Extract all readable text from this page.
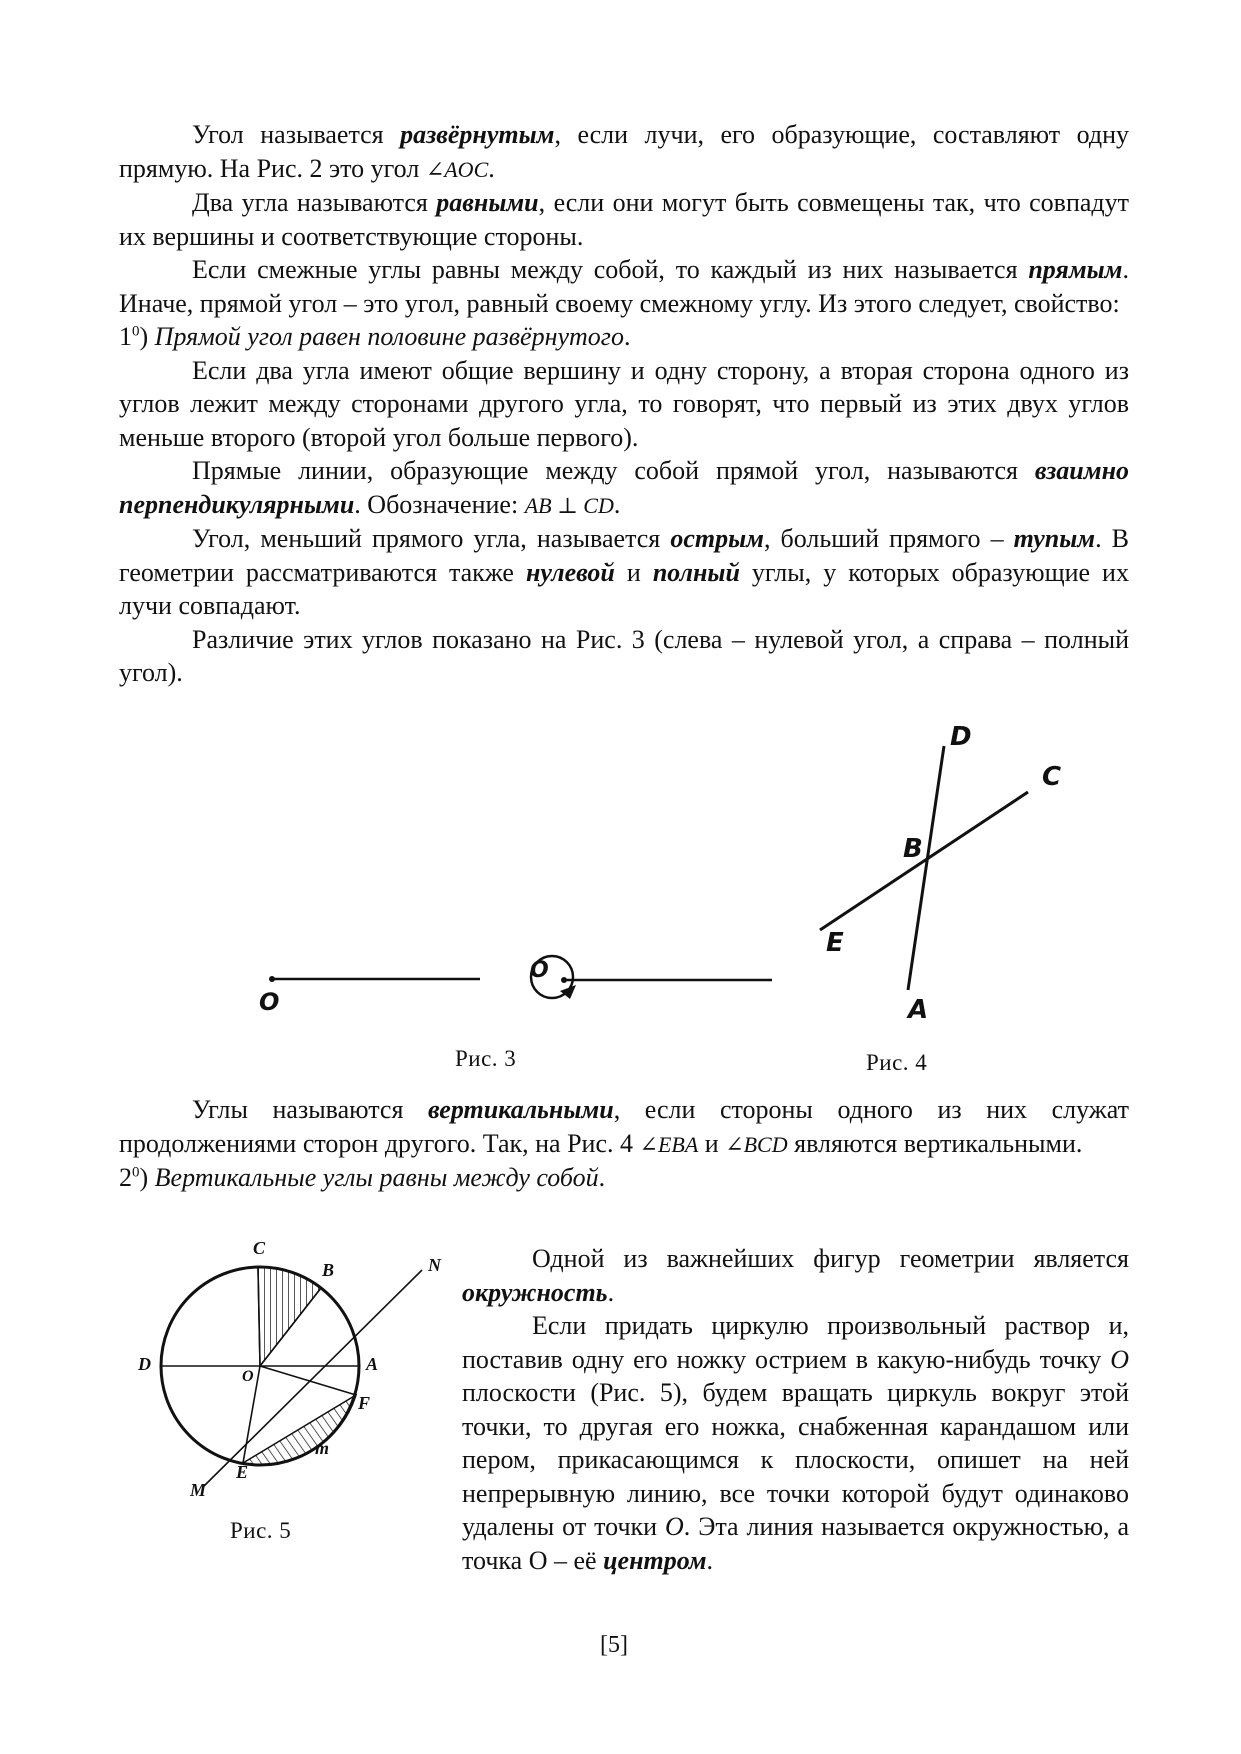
Угол называется развёрнутым, если лучи, его образующие, составляют одну прямую. На Рис. 2 это угол ∠AOC.

Два угла называются равными, если они могут быть совмещены так, что совпадут их вершины и соответствующие стороны.

Если смежные углы равны между собой, то каждый из них называется прямым. Иначе, прямой угол – это угол, равный своему смежному углу. Из этого следует, свойство:

$1^0$) Прямой угол равен половине развёрнутого.

Если два угла имеют общие вершину и одну сторону, а вторая сторона одного из углов лежит между сторонами другого угла, то говорят, что первый из этих двух углов меньше второго (второй угол больше первого).

Прямые линии, образующие между собой прямой угол, называются взаимно перпендикулярными. Обозначение: AB ⊥ CD.

Угол, меньший прямого угла, называется острым, больший прямого – тупым. В геометрии рассматриваются также нулевой и полный углы, у которых образующие их лучи совпадают.

Различие этих углов показано на Рис. 3 (слева – нулевой угол, а справа – полный угол).

O
O
Рис. 3
D
C
B
E
A
Рис. 4

Углы называются вертикальными, если стороны одного из них служат продолжениями сторон другого. Так, на Рис. 4 ∠EBA и ∠BCD являются вертикальными.

$2^0$) Вертикальные углы равны между собой.

C
B
D
O
A
N
F
m
E
M
Рис. 5

Одной из важнейших фигур геометрии является окружность.

Если придать циркулю произвольный раствор и, поставив одну его ножку острием в какую-нибудь точку O плоскости (Рис. 5), будем вращать циркуль вокруг этой точки, то другая его ножка, снабженная карандашом или пером, прикасающимся к плоскости, опишет на ней непрерывную линию, все точки которой будут одинаково удалены от точки O. Эта линия называется окружностью, а точка О – её центром.

[5]
